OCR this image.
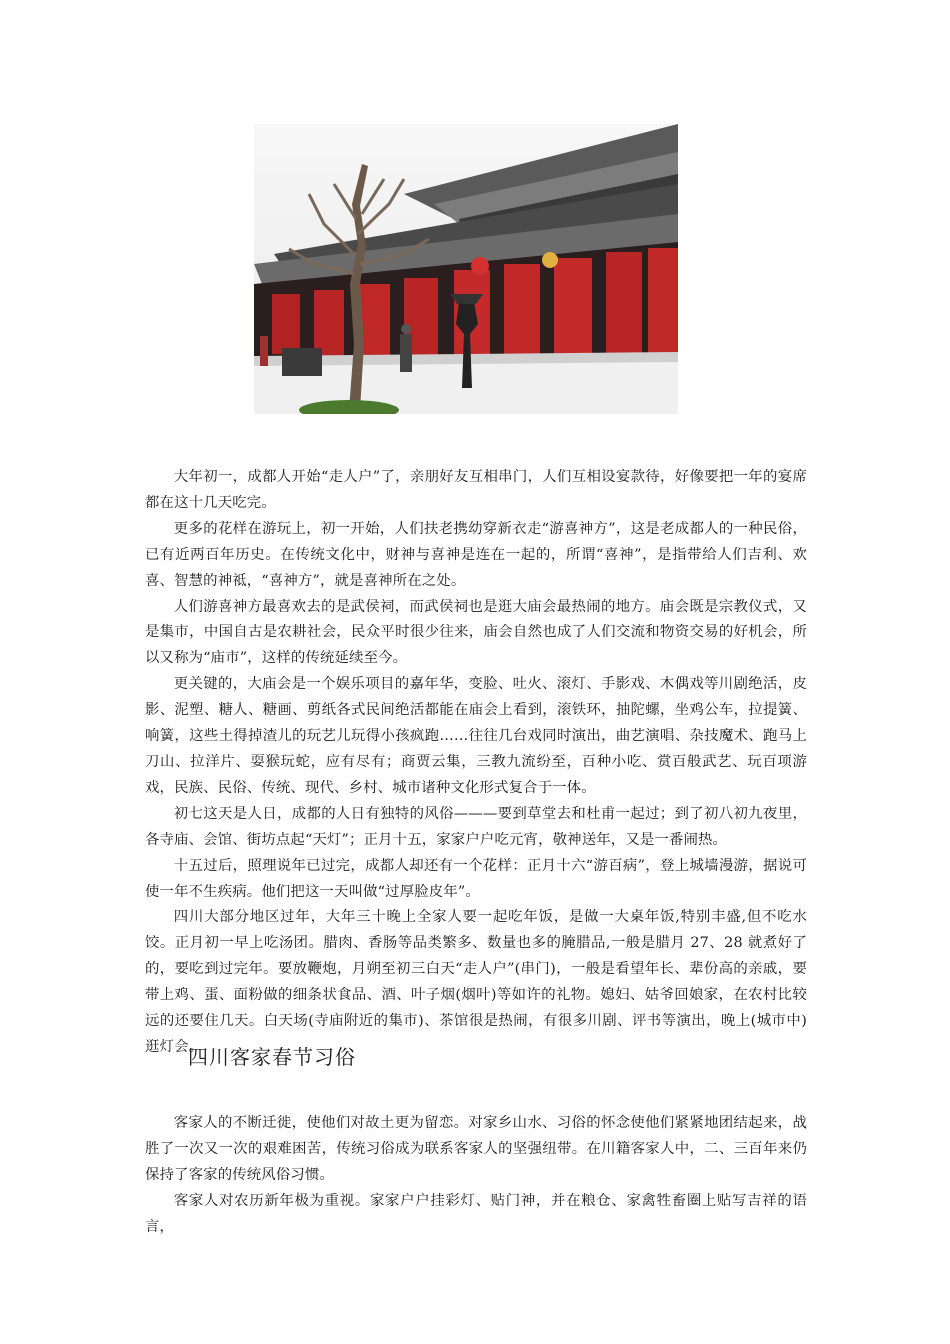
大年初一，成都人开始“走人户”了，亲朋好友互相串门，人们互相设宴款待，好像要把一年的宴席都在这十几天吃完。

更多的花样在游玩上，初一开始，人们扶老携幼穿新衣走“游喜神方”，这是老成都人的一种民俗，已有近两百年历史。在传统文化中，财神与喜神是连在一起的，所谓“喜神”，是指带给人们吉利、欢喜、智慧的神祗，“喜神方”，就是喜神所在之处。

人们游喜神方最喜欢去的是武侯祠，而武侯祠也是逛大庙会最热闹的地方。庙会既是宗教仪式，又是集市，中国自古是农耕社会，民众平时很少往来，庙会自然也成了人们交流和物资交易的好机会，所以又称为“庙市”，这样的传统延续至今。

更关键的，大庙会是一个娱乐项目的嘉年华，变脸、吐火、滚灯、手影戏、木偶戏等川剧绝活，皮影、泥塑、糖人、糖画、剪纸各式民间绝活都能在庙会上看到，滚铁环，抽陀螺，坐鸡公车，拉提簧、响簧，这些土得掉渣儿的玩艺儿玩得小孩疯跑……往往几台戏同时演出，曲艺演唱、杂技魔术、跑马上刀山、拉洋片、耍猴玩蛇，应有尽有；商贾云集，三教九流纷至，百种小吃、赏百般武艺、玩百项游戏，民族、民俗、传统、现代、乡村、城市诸种文化形式复合于一体。

初七这天是人日，成都的人日有独特的风俗———要到草堂去和杜甫一起过；到了初八初九夜里，各寺庙、会馆、街坊点起“天灯”；正月十五，家家户户吃元宵，敬神送年，又是一番闹热。

十五过后，照理说年已过完，成都人却还有一个花样：正月十六“游百病”，登上城墙漫游，据说可使一年不生疾病。他们把这一天叫做“过厚脸皮年”。

四川大部分地区过年，大年三十晚上全家人要一起吃年饭，是做一大桌年饭,特别丰盛,但不吃水饺。正月初一早上吃汤团。腊肉、香肠等品类繁多、数量也多的腌腊品,一般是腊月 27、28 就煮好了的，要吃到过完年。要放鞭炮，月朔至初三白天“走人户”(串门)，一般是看望年长、辈份高的亲戚，要带上鸡、蛋、面粉做的细条状食品、酒、叶子烟(烟叶)等如许的礼物。媳妇、姑爷回娘家，在农村比较远的还要住几天。白天场(寺庙附近的集市)、茶馆很是热闹，有很多川剧、评书等演出，晚上(城市中)逛灯会。

四川客家春节习俗

客家人的不断迁徙，使他们对故土更为留恋。对家乡山水、习俗的怀念使他们紧紧地团结起来，战胜了一次又一次的艰难困苦，传统习俗成为联系客家人的坚强纽带。在川籍客家人中，二、三百年来仍保持了客家的传统风俗习惯。

客家人对农历新年极为重视。家家户户挂彩灯、贴门神，并在粮仓、家禽牲畜圈上贴写吉祥的语言，
